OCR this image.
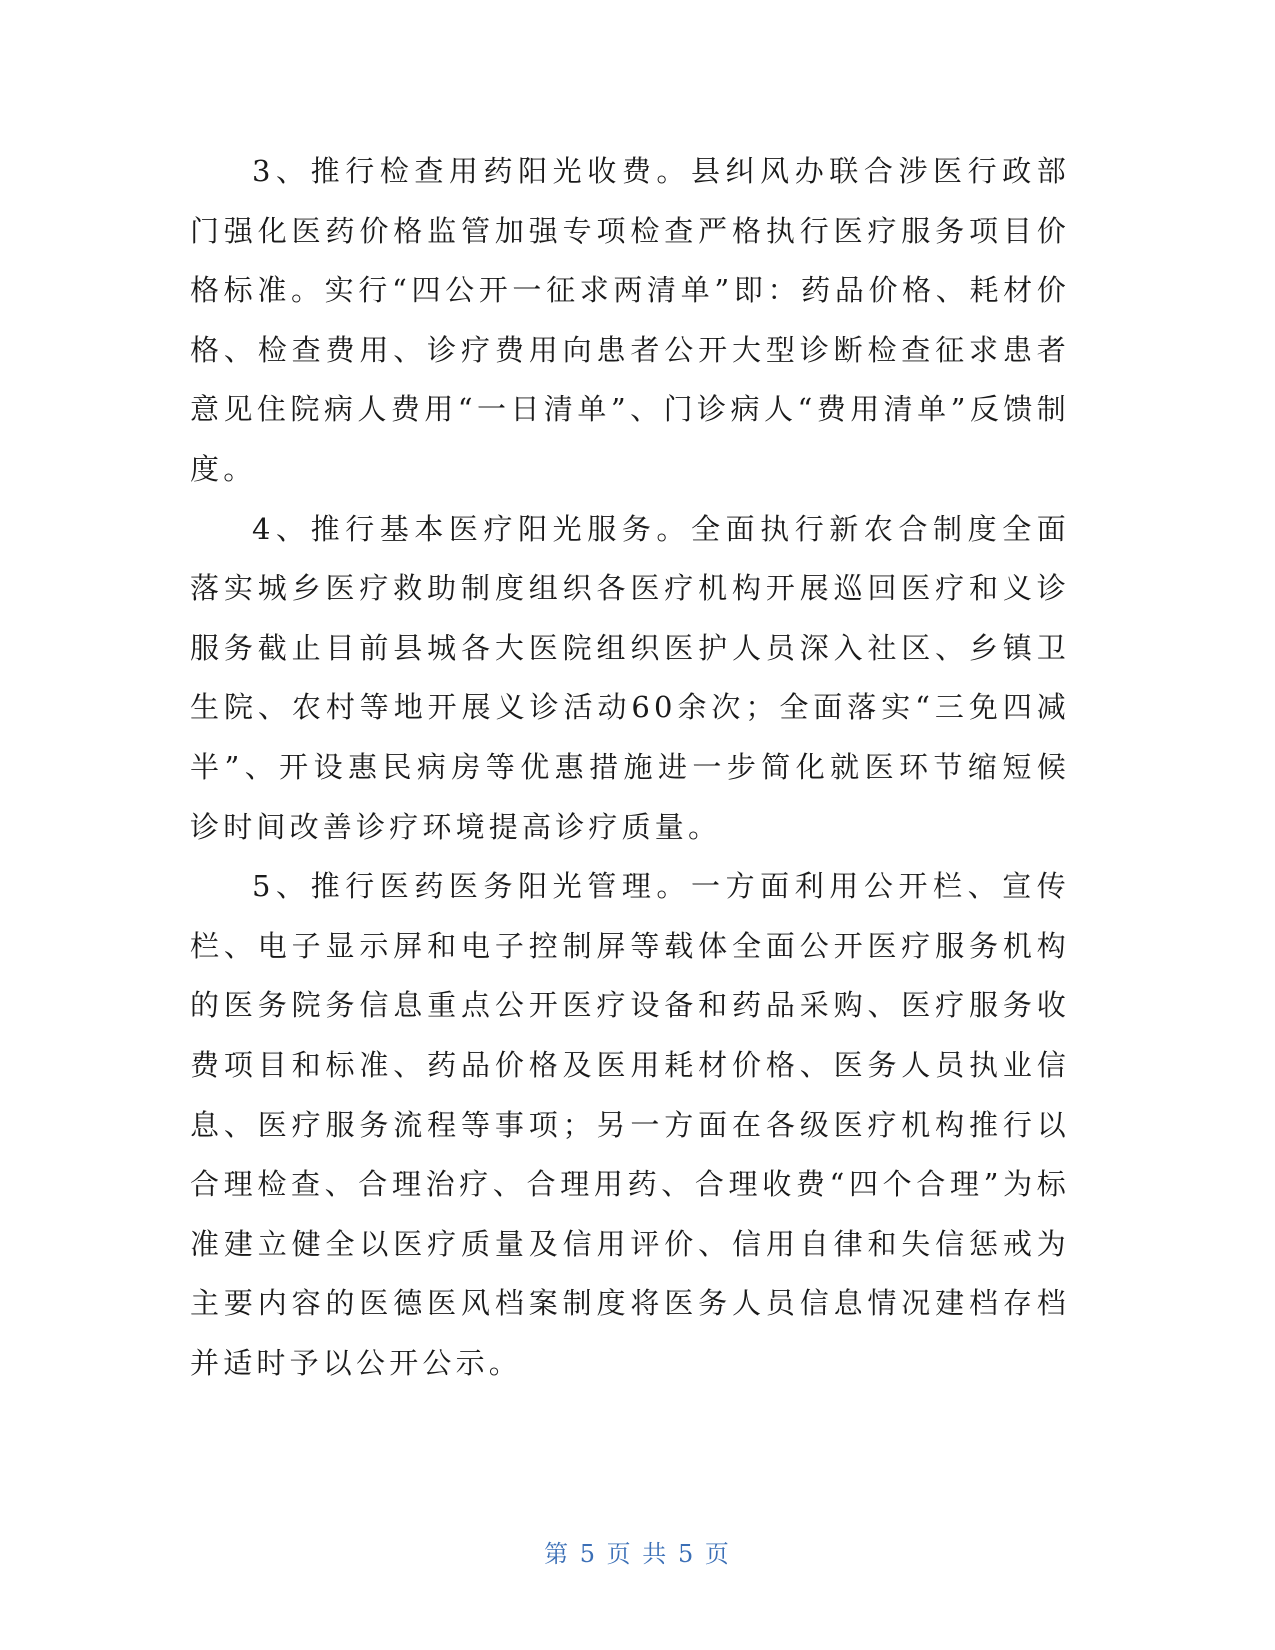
3、推行检查用药阳光收费。县纠风办联合涉医行政部门强化医药价格监管加强专项检查严格执行医疗服务项目价格标准。实行“四公开一征求两清单”即：药品价格、耗材价格、检查费用、诊疗费用向患者公开大型诊断检查征求患者意见住院病人费用“一日清单”、门诊病人“费用清单”反馈制度。

4、推行基本医疗阳光服务。全面执行新农合制度全面落实城乡医疗救助制度组织各医疗机构开展巡回医疗和义诊服务截止目前县城各大医院组织医护人员深入社区、乡镇卫生院、农村等地开展义诊活动60余次；全面落实“三免四减半”、开设惠民病房等优惠措施进一步简化就医环节缩短候诊时间改善诊疗环境提高诊疗质量。

5、推行医药医务阳光管理。一方面利用公开栏、宣传栏、电子显示屏和电子控制屏等载体全面公开医疗服务机构的医务院务信息重点公开医疗设备和药品采购、医疗服务收费项目和标准、药品价格及医用耗材价格、医务人员执业信息、医疗服务流程等事项；另一方面在各级医疗机构推行以合理检查、合理治疗、合理用药、合理收费“四个合理”为标准建立健全以医疗质量及信用评价、信用自律和失信惩戒为主要内容的医德医风档案制度将医务人员信息情况建档存档并适时予以公开公示。

第 5 页 共 5 页
